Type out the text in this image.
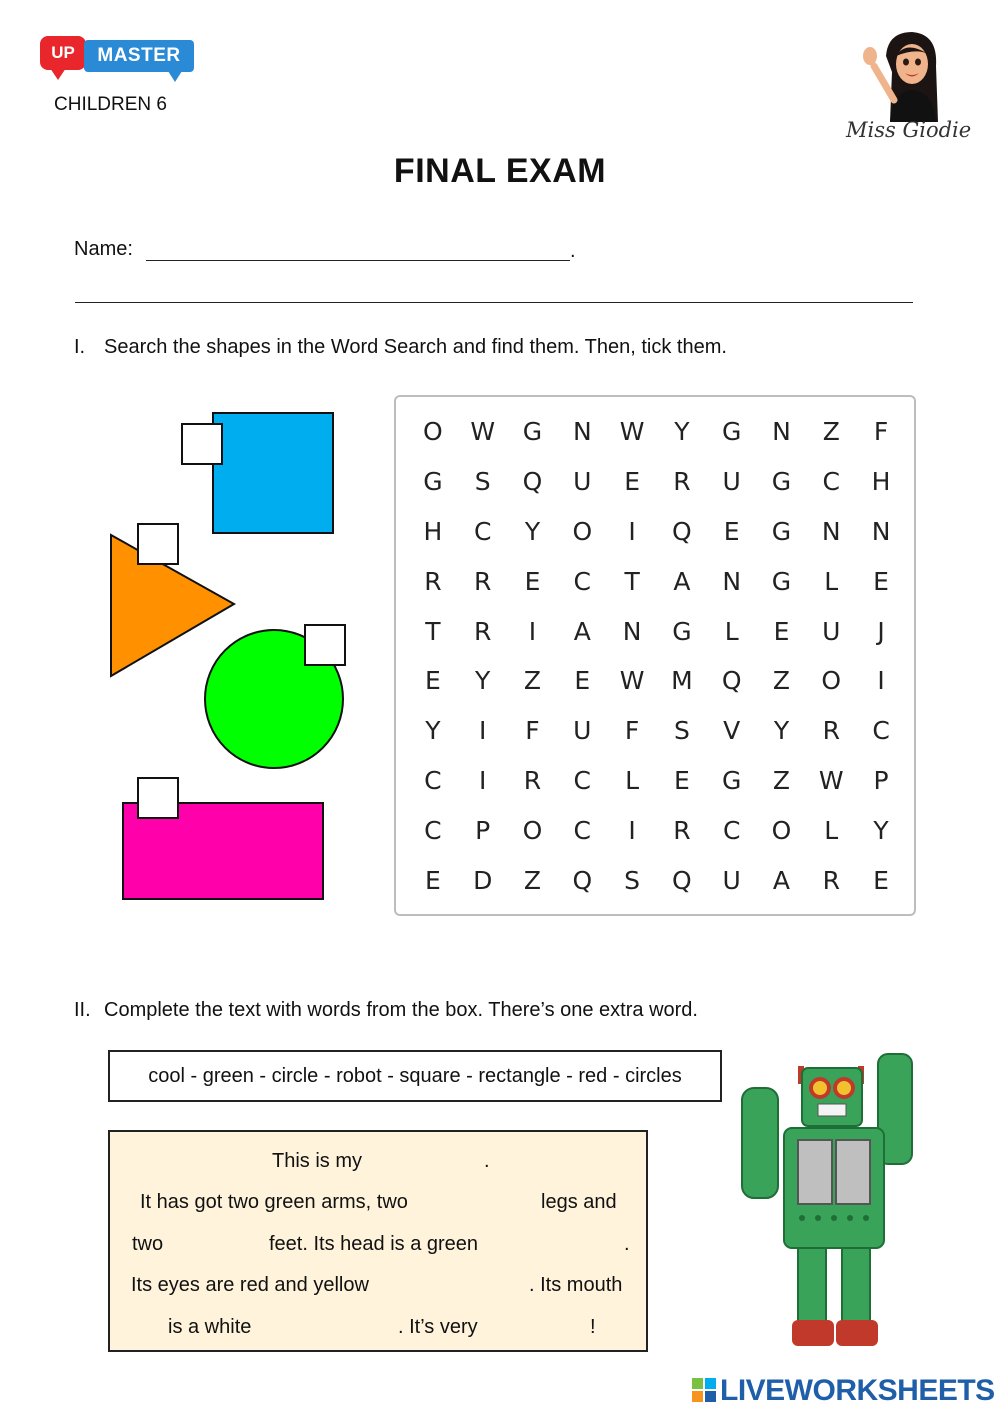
UP	MASTER
CHILDREN 6
Miss Giodie
FINAL EXAM
Name:	.
I. Search the shapes in the Word Search and find them. Then, tick them.
O	W	G	N	W	Y	G	N	Z	F
G	S	Q	U	E	R	U	G	C	H
H	C	Y	O	I	Q	E	G	N	N
R	R	E	C	T	A	N	G	L	E
T	R	I	A	N	G	L	E	U	J
E	Y	Z	E	W	M	Q	Z	O	I
Y	I	F	U	F	S	V	Y	R	C
C	I	R	C	L	E	G	Z	W	P
C	P	O	C	I	R	C	O	L	Y
E	D	Z	Q	S	Q	U	A	R	E
II. Complete the text with words from the box. There’s one extra word.
cool - green - circle - robot - square - rectangle - red - circles
This is my	.
It has got two green arms, two	legs and
two	feet. Its head is a green	.
Its eyes are red and yellow	. Its mouth
is a white	. It’s very	!
LIVEWORKSHEETS
